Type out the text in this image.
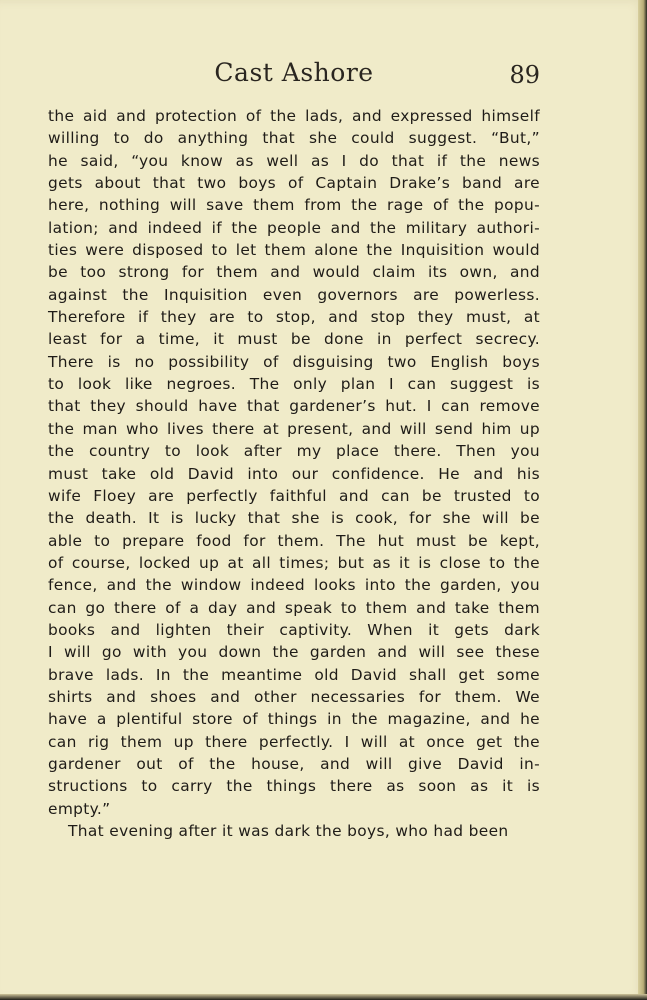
Cast Ashore	89
the aid and protection of the lads, and expressed himself
willing to do anything that she could suggest. “But,”
he said, “you know as well as I do that if the news
gets about that two boys of Captain Drake’s band are
here, nothing will save them from the rage of the popu-
lation; and indeed if the people and the military authori-
ties were disposed to let them alone the Inquisition would
be too strong for them and would claim its own, and
against the Inquisition even governors are powerless.
Therefore if they are to stop, and stop they must, at
least for a time, it must be done in perfect secrecy.
There is no possibility of disguising two English boys
to look like negroes. The only plan I can suggest is
that they should have that gardener’s hut. I can remove
the man who lives there at present, and will send him up
the country to look after my place there. Then you
must take old David into our confidence. He and his
wife Floey are perfectly faithful and can be trusted to
the death. It is lucky that she is cook, for she will be
able to prepare food for them. The hut must be kept,
of course, locked up at all times; but as it is close to the
fence, and the window indeed looks into the garden, you
can go there of a day and speak to them and take them
books and lighten their captivity. When it gets dark
I will go with you down the garden and will see these
brave lads. In the meantime old David shall get some
shirts and shoes and other necessaries for them. We
have a plentiful store of things in the magazine, and he
can rig them up there perfectly. I will at once get the
gardener out of the house, and will give David in-
structions to carry the things there as soon as it is
empty.”
That evening after it was dark the boys, who had been
